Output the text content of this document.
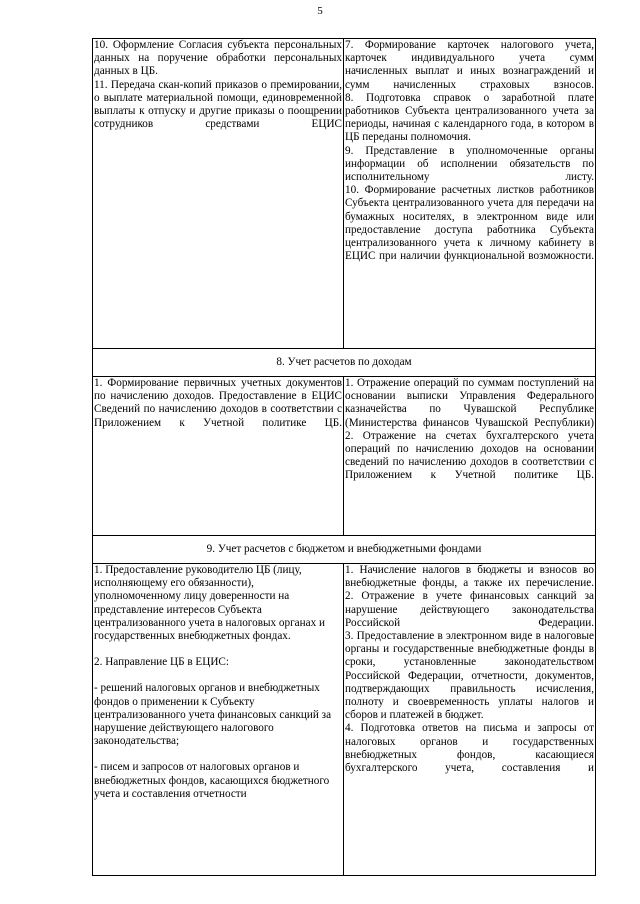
5

10. Оформление Согласия субъекта персональных данных на поручение обработки персональных данных в ЦБ.

11. Передача скан-копий приказов о премировании, о выплате материальной помощи, единовременной выплаты к отпуску и другие приказы о поощрении сотрудников средствами ЕЦИС

7. Формирование карточек налогового учета, карточек индивидуального учета сумм начисленных выплат и иных вознаграждений и сумм начисленных страховых взносов.

8. Подготовка справок о заработной плате работников Субъекта централизованного учета за периоды, начиная с календарного года, в котором в ЦБ переданы полномочия.

9. Представление в уполномоченные органы информации об исполнении обязательств по исполнительному листу.

10. Формирование расчетных листков работников Субъекта централизованного учета для передачи на бумажных носителях, в электронном виде или предоставление доступа работника Субъекта централизованного учета к личному кабинету в ЕЦИС при наличии функциональной возможности.

8. Учет расчетов по доходам

1. Формирование первичных учетных документов по начислению доходов. Предоставление в ЕЦИС Сведений по начислению доходов в соответствии с Приложением к Учетной политике ЦБ.

1. Отражение операций по суммам поступлений на основании выписки Управления Федерального казначейства по Чувашской Республике (Министерства финансов Чувашской Республики)

2. Отражение на счетах бухгалтерского учета операций по начислению доходов на основании сведений по начислению доходов в соответствии с Приложением к Учетной политике ЦБ.

9. Учет расчетов с бюджетом и внебюджетными фондами

1. Предоставление руководителю ЦБ (лицу, исполняющему его обязанности), уполномоченному лицу доверенности на представление интересов Субъекта централизованного учета в налоговых органах и государственных внебюджетных фондах.

2. Направление ЦБ в ЕЦИС:

- решений налоговых органов и внебюджетных фондов о применении к Субъекту централизованного учета финансовых санкций за нарушение действующего налогового законодательства;

- писем и запросов от налоговых органов и внебюджетных фондов, касающихся бюджетного учета и составления отчетности

1. Начисление налогов в бюджеты и взносов во внебюджетные фонды, а также их перечисление.

2. Отражение в учете финансовых санкций за нарушение действующего законодательства Российской Федерации.

3. Предоставление в электронном виде в налоговые органы и государственные внебюджетные фонды в сроки, установленные законодательством Российской Федерации, отчетности, документов, подтверждающих правильность исчисления, полноту и своевременность уплаты налогов и сборов и платежей в бюджет.

4. Подготовка ответов на письма и запросы от налоговых органов и государственных внебюджетных фондов, касающиеся бухгалтерского учета, составления и
